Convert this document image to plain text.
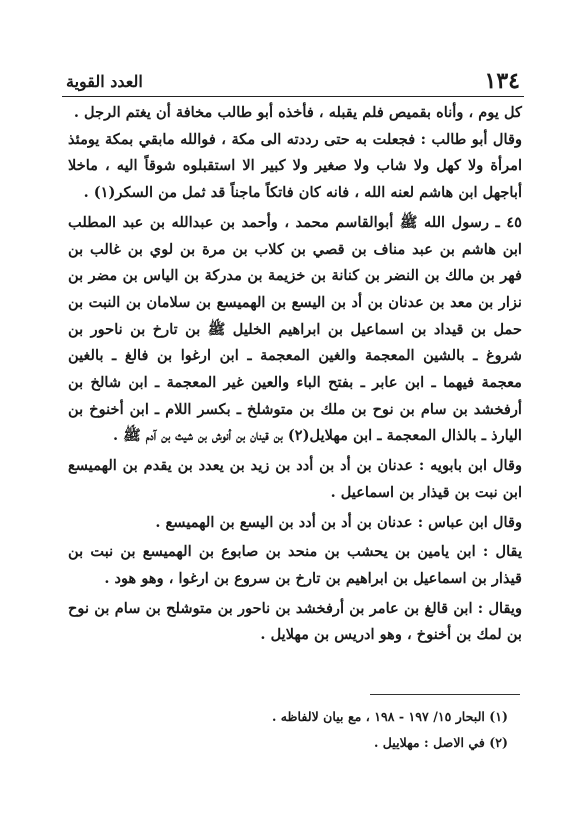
١٣٤
العدد القوية

كل يوم ، وأناه بقميص فلم يقبله ، فأخذه أبو طالب مخافة أن يغتم الرجل .

وقال أبو طالب : فجعلت به حتى رددته الى مكة ، فوالله مابقي بمكة يومئذ امرأة ولا كهل ولا شاب ولا صغير ولا كبير الا استقبلوه شوقاً اليه ، ماخلا أباجهل ابن هاشم لعنه الله ، فانه كان فاتكاً ماجناً قد ثمل من السكر(١) .

٤٥ ـ رسول الله ﷺ أبوالقاسم محمد ، وأحمد بن عبدالله بن عبد المطلب ابن هاشم بن عبد مناف بن قصي بن كلاب بن مرة بن لوي بن غالب بن فهر بن مالك بن النضر بن كنانة بن خزيمة بن مدركة بن الياس بن مضر بن نزار بن معد بن عدنان بن أد بن اليسع بن الهميسع بن سلامان بن النبت بن حمل بن قيداد بن اسماعيل بن ابراهيم الخليل ﷺ بن تارخ بن ناحور بن شروغ ـ بالشين المعجمة والغين المعجمة ـ ابن ارغوا بن فالغ ـ بالغين معجمة فيهما ـ ابن عابر ـ بفتح الباء والعين غير المعجمة ـ ابن شالخ بن أرفخشد بن سام بن نوح بن ملك بن متوشلخ ـ بكسر اللام ـ ابن أخنوخ بن اليارذ ـ بالذال المعجمة ـ ابن مهلايل(٢) بن قينان بن أنوش بن شيث بن آدم ﷺ .

وقال ابن بابويه : عدنان بن أد بن أدد بن زيد بن يعدد بن يقدم بن الهميسع ابن نبت بن قيذار بن اسماعيل .

وقال ابن عباس : عدنان بن أد بن أدد بن اليسع بن الهميسع .

يقال : ابن يامين بن يحشب بن منحد بن صابوع بن الهميسع بن نبت بن قيذار بن اسماعيل بن ابراهيم بن تارخ بن سروع بن ارغوا ، وهو هود .

ويقال : ابن قالغ بن عامر بن أرفخشد بن ناحور بن متوشلح بن سام بن نوح بن لمك بن أخنوخ ، وهو ادريس بن مهلايل .

(١) البحار ١٥/ ١٩٧ - ١٩٨ ، مع بيان لالفاظه .

(٢) في الاصل : مهلاييل .
